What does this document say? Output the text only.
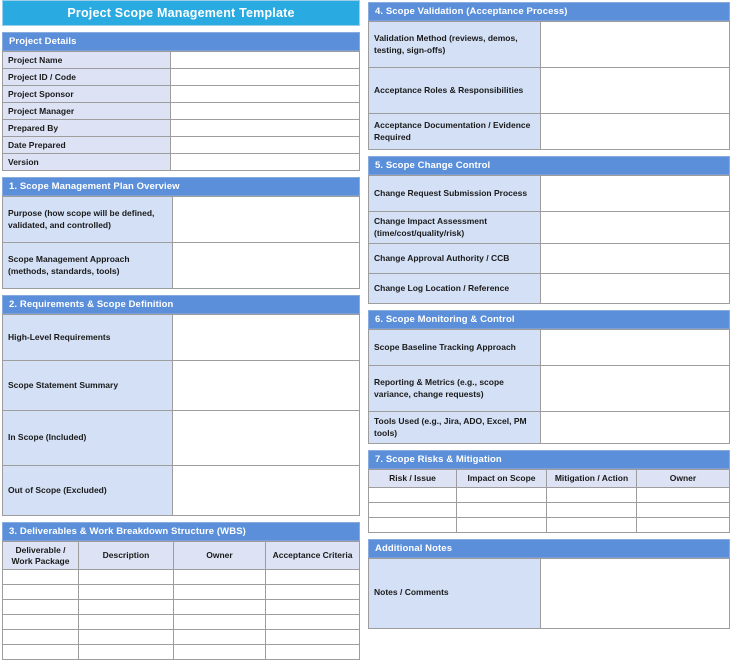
Project Scope Management Template
Project Details
Project Name	
Project ID / Code	
Project Sponsor	
Project Manager	
Prepared By	
Date Prepared	
Version	
1. Scope Management Plan Overview
Purpose (how scope will be defined, validated, and controlled)	
Scope Management Approach (methods, standards, tools)	
2. Requirements & Scope Definition
High-Level Requirements	
Scope Statement Summary	
In Scope (Included)	
Out of Scope (Excluded)	
3. Deliverables & Work Breakdown Structure (WBS)
Deliverable / Work Package	Description	Owner	Acceptance Criteria

4. Scope Validation (Acceptance Process)
Validation Method (reviews, demos, testing, sign-offs)	
Acceptance Roles & Responsibilities	
Acceptance Documentation / Evidence Required	
5. Scope Change Control
Change Request Submission Process	
Change Impact Assessment (time/cost/quality/risk)	
Change Approval Authority / CCB	
Change Log Location / Reference	
6. Scope Monitoring & Control
Scope Baseline Tracking Approach	
Reporting & Metrics (e.g., scope variance, change requests)	
Tools Used (e.g., Jira, ADO, Excel, PM tools)	
7. Scope Risks & Mitigation
Risk / Issue	Impact on Scope	Mitigation / Action	Owner

Additional Notes
Notes / Comments	
